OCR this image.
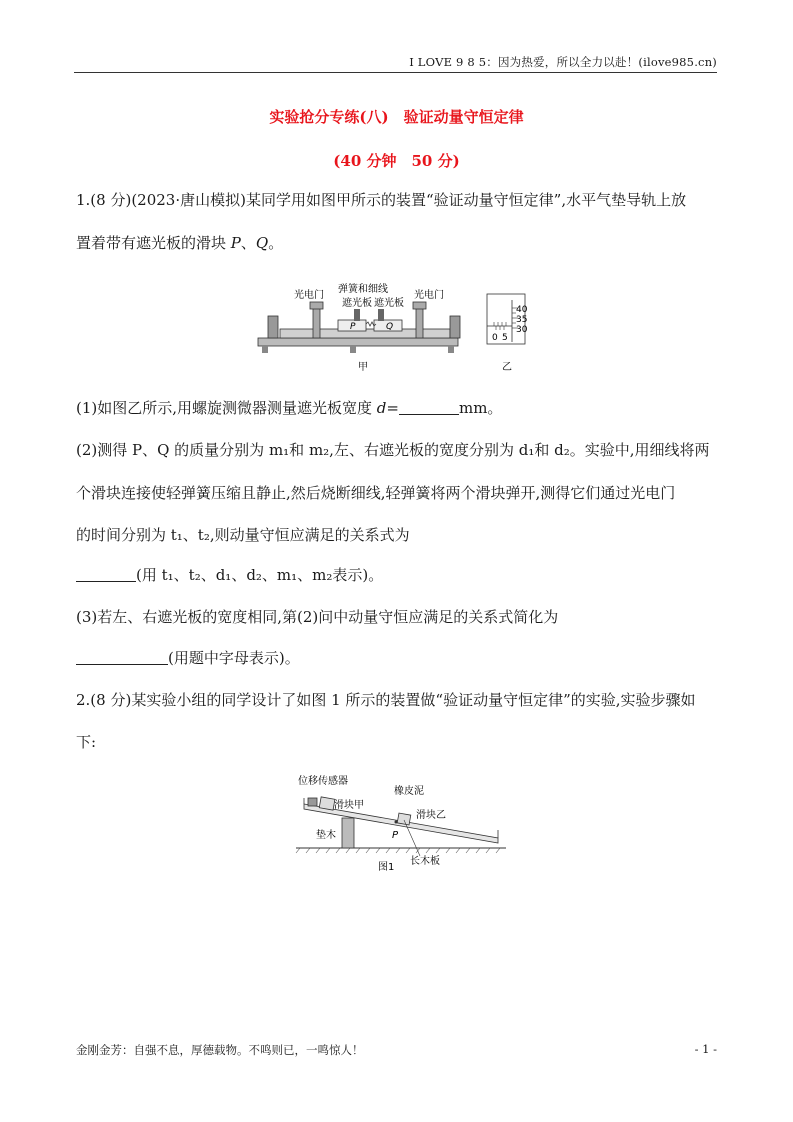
I LOVE 9 8 5：因为热爱，所以全力以赴！(ilove985.cn)
实验抢分专练(八)　验证动量守恒定律
(40 分钟　50 分)
1.(8 分)(2023·唐山模拟)某同学用如图甲所示的装置“验证动量守恒定律”,水平气垫导轨上放
置着带有遮光板的滑块 P、Q。
P	Q
光电门
弹簧和细线
遮光板 遮光板
光电门
甲
40
35
30
0 5
乙
(1)如图乙所示,用螺旋测微器测量遮光板宽度 d=	mm。
(2)测得 P、Q 的质量分别为 m₁和 m₂,左、右遮光板的宽度分别为 d₁和 d₂。实验中,用细线将两
个滑块连接使轻弹簧压缩且静止,然后烧断细线,轻弹簧将两个滑块弹开,测得它们通过光电门
的时间分别为 t₁、t₂,则动量守恒应满足的关系式为
(用 t₁、t₂、d₁、d₂、m₁、m₂表示)。
(3)若左、右遮光板的宽度相同,第(2)问中动量守恒应满足的关系式简化为
(用题中字母表示)。
2.(8 分)某实验小组的同学设计了如图 1 所示的装置做“验证动量守恒定律”的实验,实验步骤如
下:
位移传感器
滑块甲
橡皮泥
滑块乙
垫木	P
长木板
图1
金刚金芳：自强不息，厚德载物。不鸣则已，一鸣惊人！	- 1 -
